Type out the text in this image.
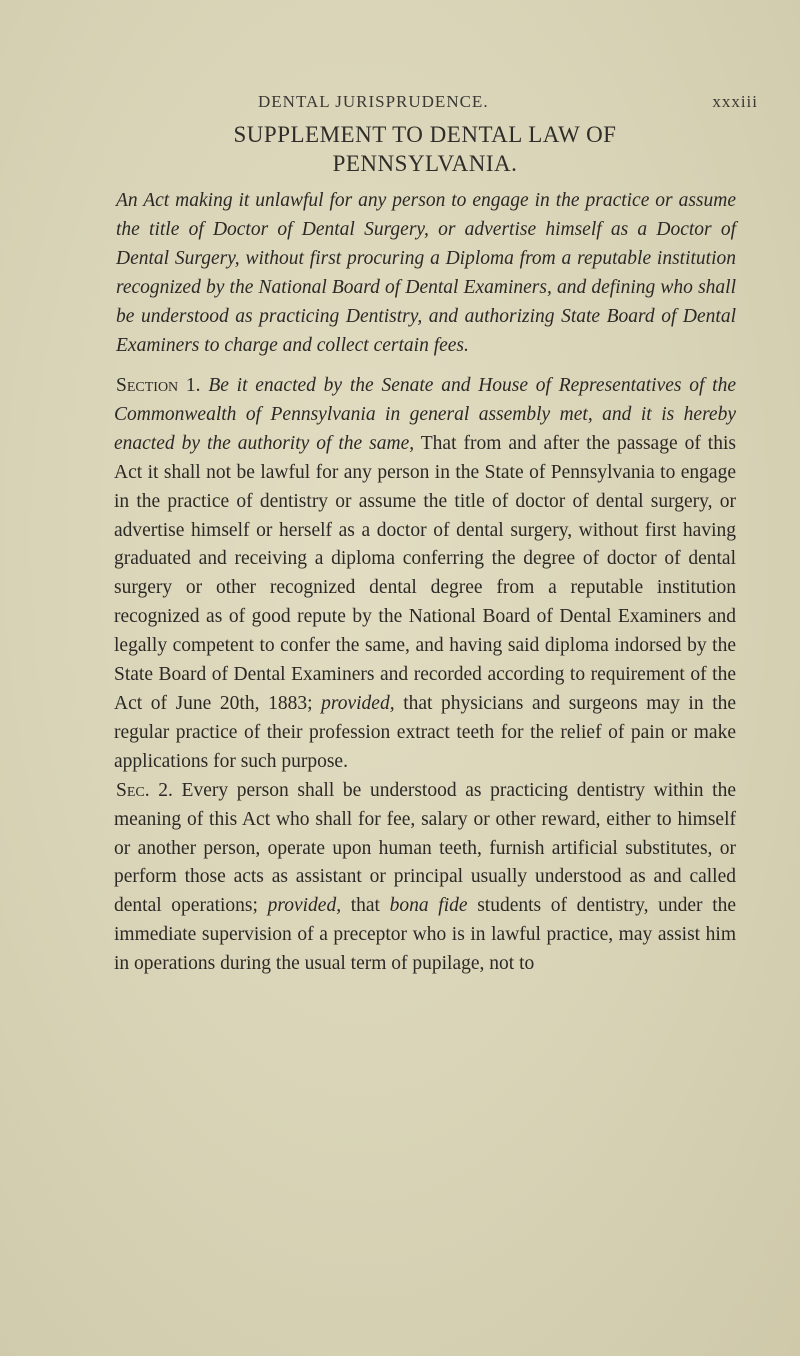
DENTAL JURISPRUDENCE.	xxxiii
SUPPLEMENT TO DENTAL LAW OF
PENNSYLVANIA.

An Act making it unlawful for any person to engage in the practice or assume the title of Doctor of Dental Surgery, or advertise himself as a Doctor of Dental Surgery, without first procuring a Diploma from a reputable institution recognized by the National Board of Dental Examiners, and defining who shall be understood as practicing Dentistry, and authorizing State Board of Dental Examiners to charge and collect certain fees.

Section 1. Be it enacted by the Senate and House of Representatives of the Commonwealth of Pennsylvania in general assembly met, and it is hereby enacted by the authority of the same, That from and after the passage of this Act it shall not be lawful for any person in the State of Pennsylvania to engage in the practice of dentistry or assume the title of doctor of dental surgery, or advertise himself or herself as a doctor of dental surgery, without first having graduated and receiving a diploma conferring the degree of doctor of dental surgery or other recognized dental degree from a reputable institution recognized as of good repute by the National Board of Dental Examiners and legally competent to confer the same, and having said diploma indorsed by the State Board of Dental Examiners and recorded according to requirement of the Act of June 20th, 1883; provided, that physicians and surgeons may in the regular practice of their profession extract teeth for the relief of pain or make applications for such purpose.

Sec. 2. Every person shall be understood as practicing dentistry within the meaning of this Act who shall for fee, salary or other reward, either to himself or another person, operate upon human teeth, furnish artificial substitutes, or perform those acts as assistant or principal usually understood as and called dental operations; provided, that bona fide students of dentistry, under the immediate supervision of a preceptor who is in lawful practice, may assist him in operations during the usual term of pupilage, not to
